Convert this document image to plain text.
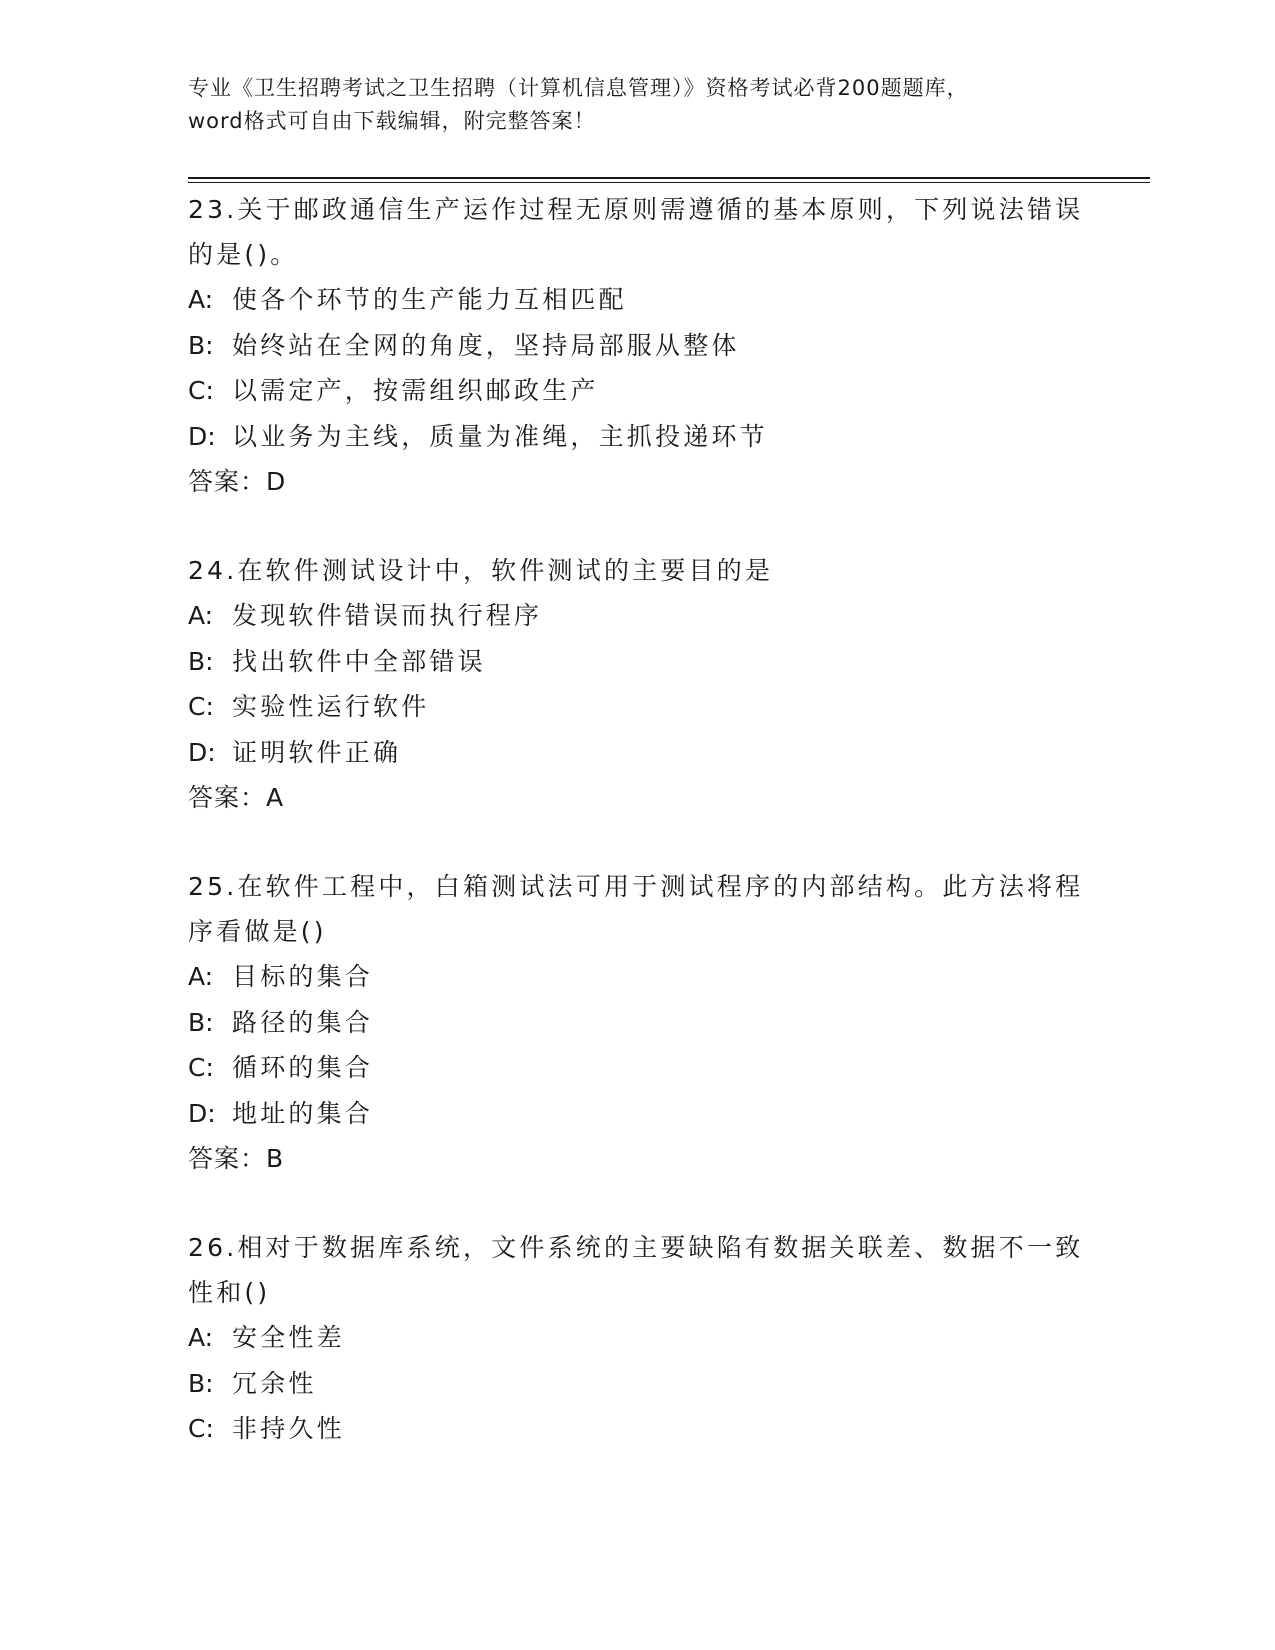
专业《卫生招聘考试之卫生招聘（计算机信息管理）》资格考试必背200题题库，
word格式可自由下载编辑，附完整答案！
23.关于邮政通信生产运作过程无原则需遵循的基本原则，下列说法错误的是()。
A: 使各个环节的生产能力互相匹配
B: 始终站在全网的角度，坚持局部服从整体
C: 以需定产，按需组织邮政生产
D: 以业务为主线，质量为准绳，主抓投递环节
答案：D
24.在软件测试设计中，软件测试的主要目的是
A: 发现软件错误而执行程序
B: 找出软件中全部错误
C: 实验性运行软件
D: 证明软件正确
答案：A
25.在软件工程中，白箱测试法可用于测试程序的内部结构。此方法将程序看做是()
A: 目标的集合
B: 路径的集合
C: 循环的集合
D: 地址的集合
答案：B
26.相对于数据库系统，文件系统的主要缺陷有数据关联差、数据不一致性和()
A: 安全性差
B: 冗余性
C: 非持久性
